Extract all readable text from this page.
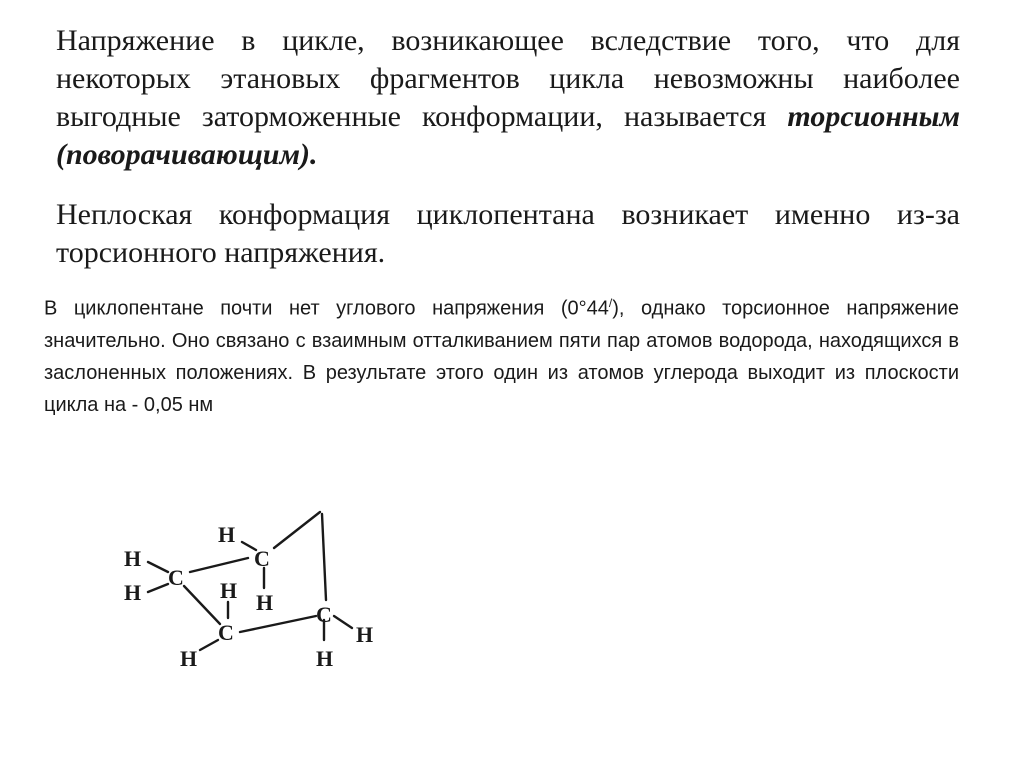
Напряжение в цикле, возникающее вследствие того, что для некоторых этановых фрагментов цикла невозможны наиболее выгодные заторможенные конформации, называется торсионным (поворачивающим).
Неплоская конформация циклопентана возникает именно из-за торсионного напряжения.
В циклопентане почти нет углового напряжения (0°44/), однако торсионное напряжение значительно. Оно связано с взаимным отталкиванием пяти пар атомов водорода, находящихся в заслоненных положениях. В результате этого один из атомов углерода выходит из плоскости цикла на - 0,05 нм
C
C
C
C
H
H
H
H
H
H
H
H
